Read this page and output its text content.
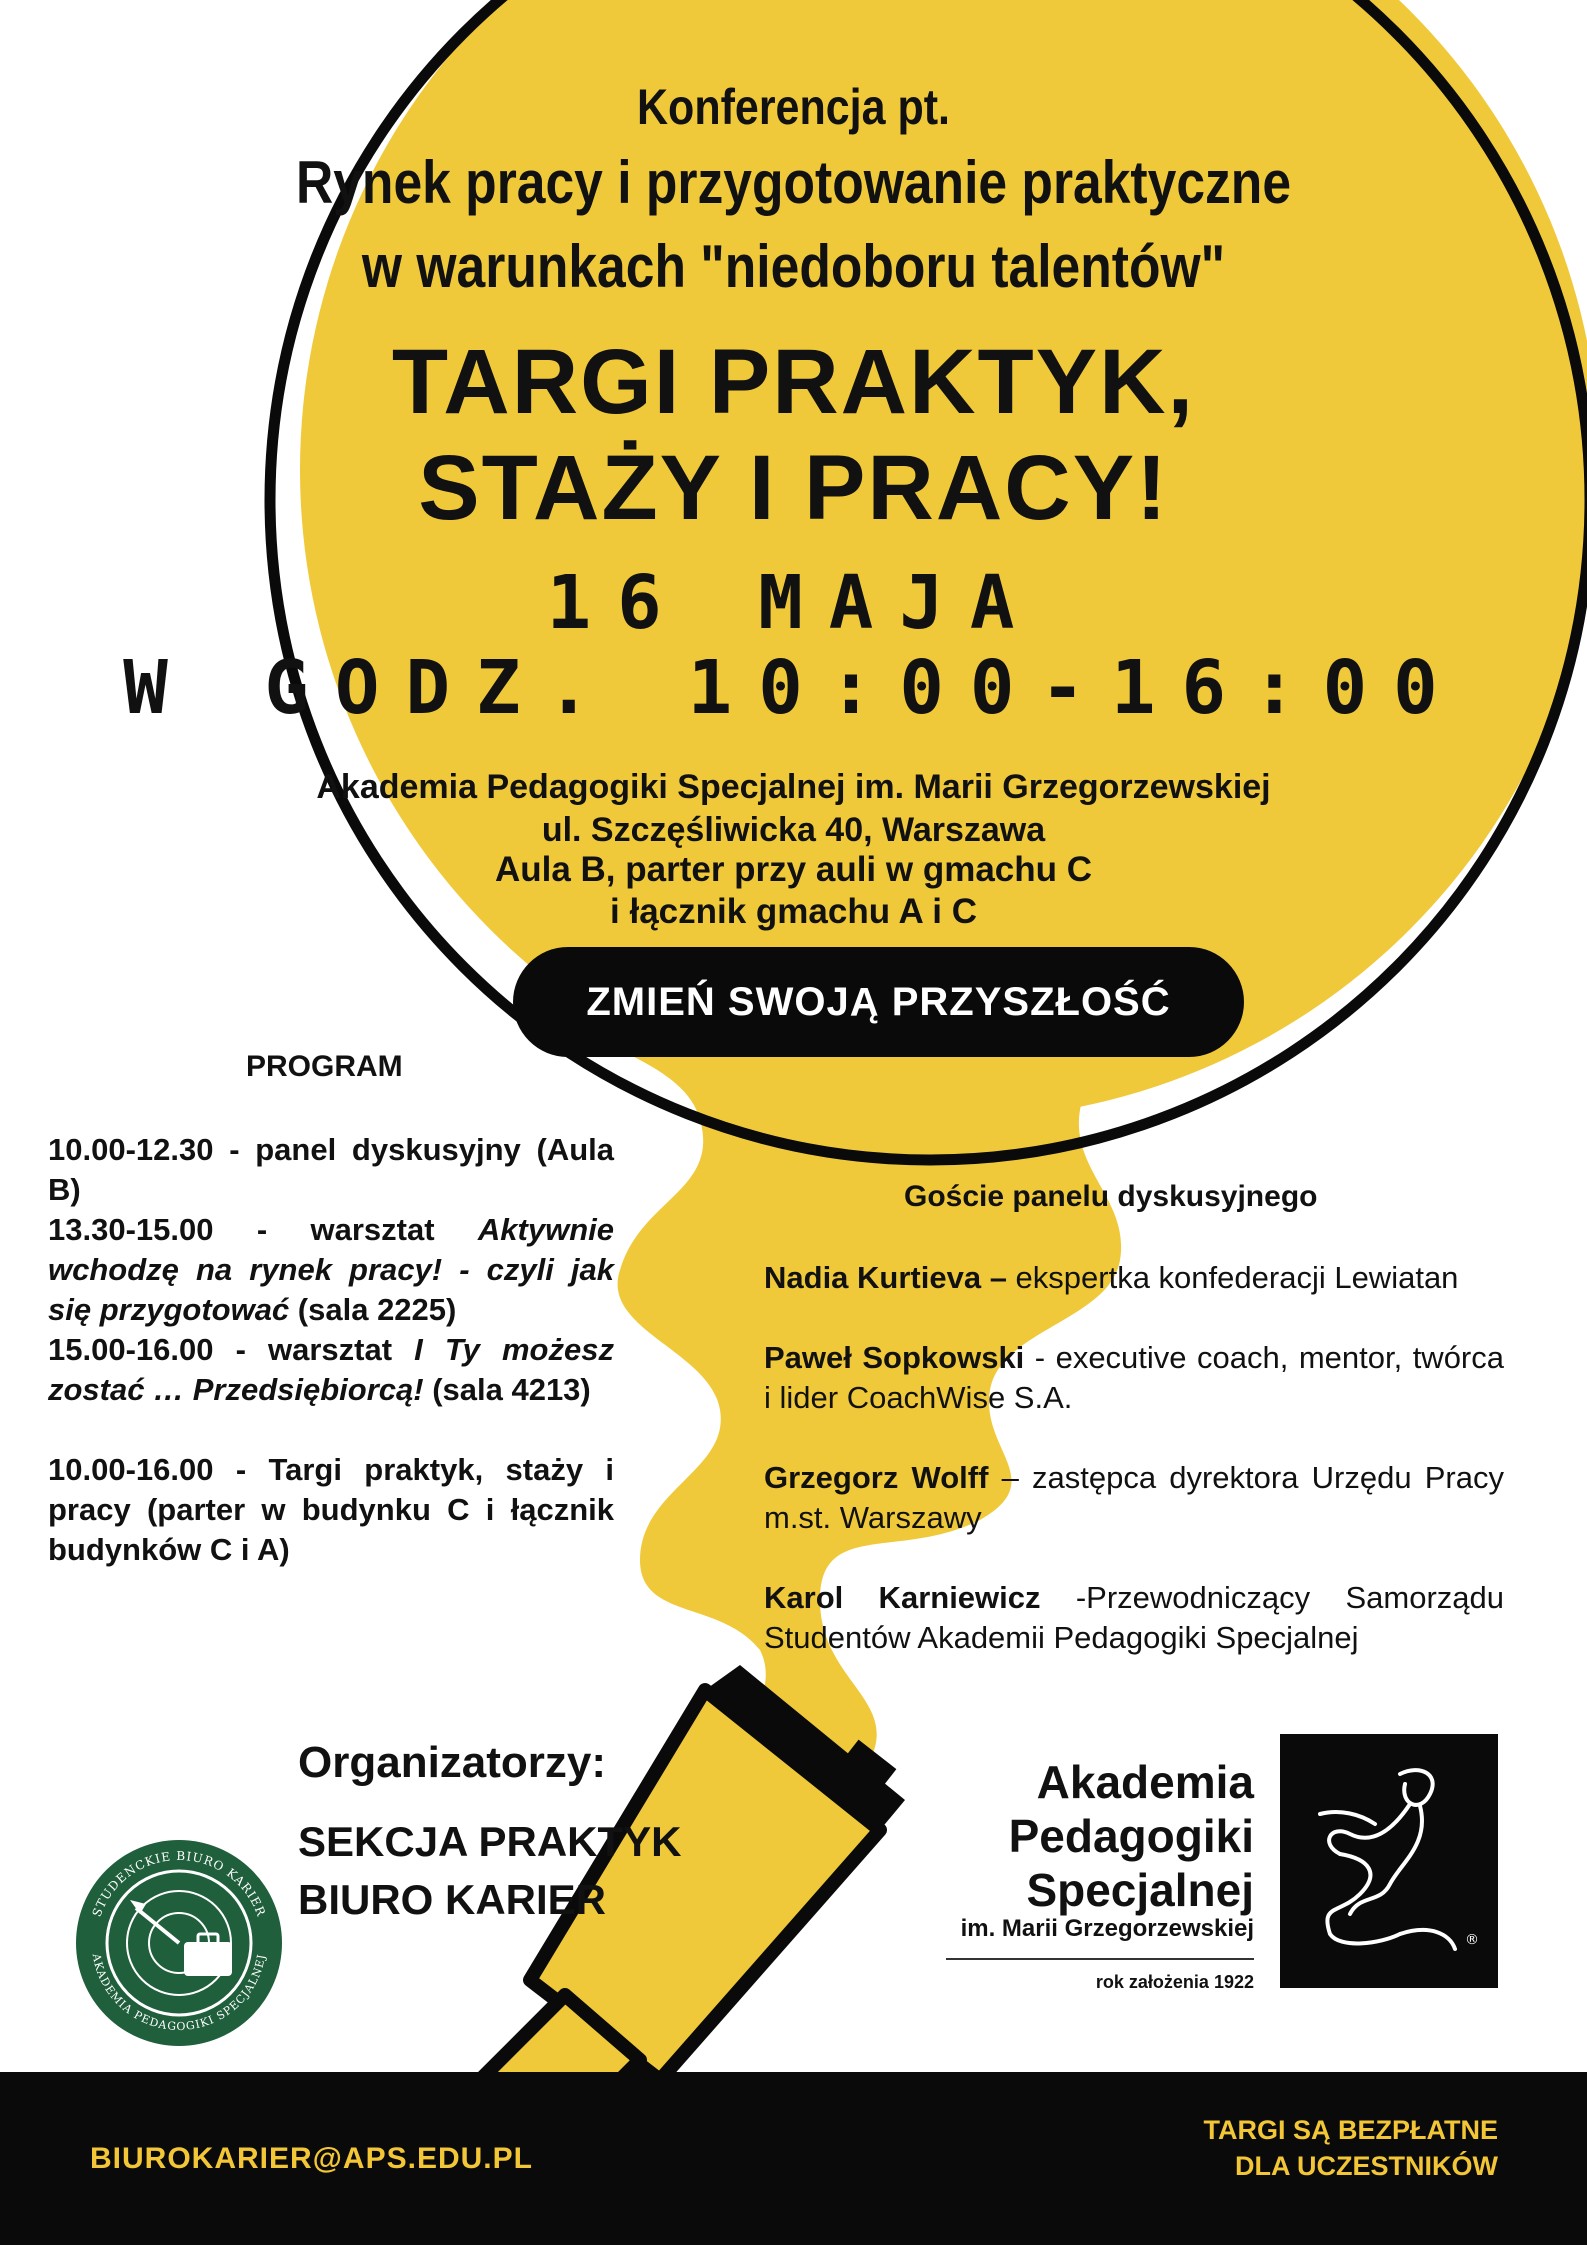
Konferencja pt.
Rynek pracy i przygotowanie praktyczne
w warunkach "niedoboru talentów"
TARGI PRAKTYK,
STAŻY I PRACY!
16 MAJA
W GODZ. 10:00-16:00
Akademia Pedagogiki Specjalnej im. Marii Grzegorzewskiej
ul. Szczęśliwicka 40, Warszawa
Aula B, parter przy auli w gmachu C
i łącznik gmachu A i C
ZMIEŃ SWOJĄ PRZYSZŁOŚĆ
PROGRAM

10.00-12.30 - panel dyskusyjny (Aula B)

13.30-15.00 - warsztat Aktywnie wchodzę na rynek pracy! - czyli jak się przygotować (sala 2225)

15.00-16.00 - warsztat I Ty możesz zostać … Przedsiębiorcą! (sala 4213)

10.00-16.00 - Targi praktyk, staży i pracy (parter w budynku C i łącznik budynków C i A)

Goście panelu dyskusyjnego

Nadia Kurtieva – ekspertka konfederacji Lewiatan

Paweł Sopkowski - executive coach, mentor, twórca i lider CoachWise S.A.

Grzegorz Wolff – zastępca dyrektora Urzędu Pracy m.st. Warszawy

Karol Karniewicz -Przewodniczący Samorządu Studentów Akademii Pedagogiki Specjalnej

Organizatorzy:
SEKCJA PRAKTYK
BIURO KARIER
STUDENCKIE BIURO KARIER
AKADEMIA PEDAGOGIKI SPECJALNEJ
Akademia
Pedagogiki
Specjalnej
im. Marii Grzegorzewskiej
rok założenia 1922
®
BIUROKARIER@APS.EDU.PL
TARGI SĄ BEZPŁATNE
DLA UCZESTNIKÓW
